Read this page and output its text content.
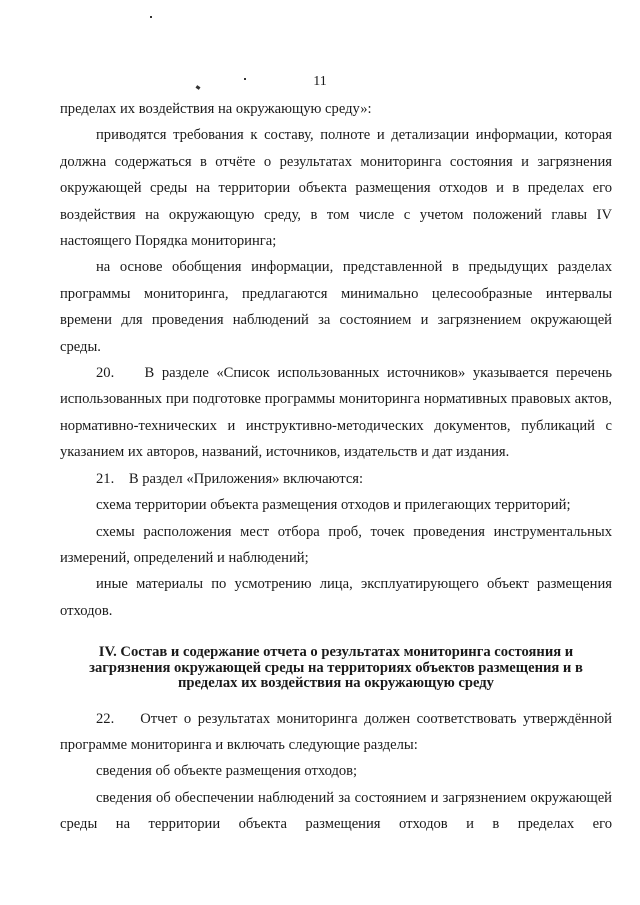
11

пределах их воздействия на окружающую среду»:

приводятся требования к составу, полноте и детализации информации, которая должна содержаться в отчёте о результатах мониторинга состояния и загрязнения окружающей среды на территории объекта размещения отходов и в пределах его воздействия на окружающую среду, в том числе с учетом положений главы IV настоящего Порядка мониторинга;

на основе обобщения информации, представленной в предыдущих разделах программы мониторинга, предлагаются минимально целесообразные интервалы времени для проведения наблюдений за состоянием и загрязнением окружающей среды.

20.    В разделе «Список использованных источников» указывается перечень использованных при подготовке программы мониторинга нормативных правовых актов, нормативно-технических и инструктивно-методических документов, публикаций с указанием их авторов, названий, источников, издательств и дат издания.

21.    В раздел «Приложения» включаются:

схема территории объекта размещения отходов и прилегающих территорий;

схемы расположения мест отбора проб, точек проведения инструментальных измерений, определений и наблюдений;

иные материалы по усмотрению лица, эксплуатирующего объект размещения отходов.

IV. Состав и содержание отчета о результатах мониторинга состояния и загрязнения окружающей среды на территориях объектов размещения и в пределах их воздействия на окружающую среду

22.    Отчет о результатах мониторинга должен соответствовать утверждённой программе мониторинга и включать следующие разделы:

сведения об объекте размещения отходов;

сведения об обеспечении наблюдений за состоянием и загрязнением окружающей среды на территории объекта размещения отходов и в пределах его
